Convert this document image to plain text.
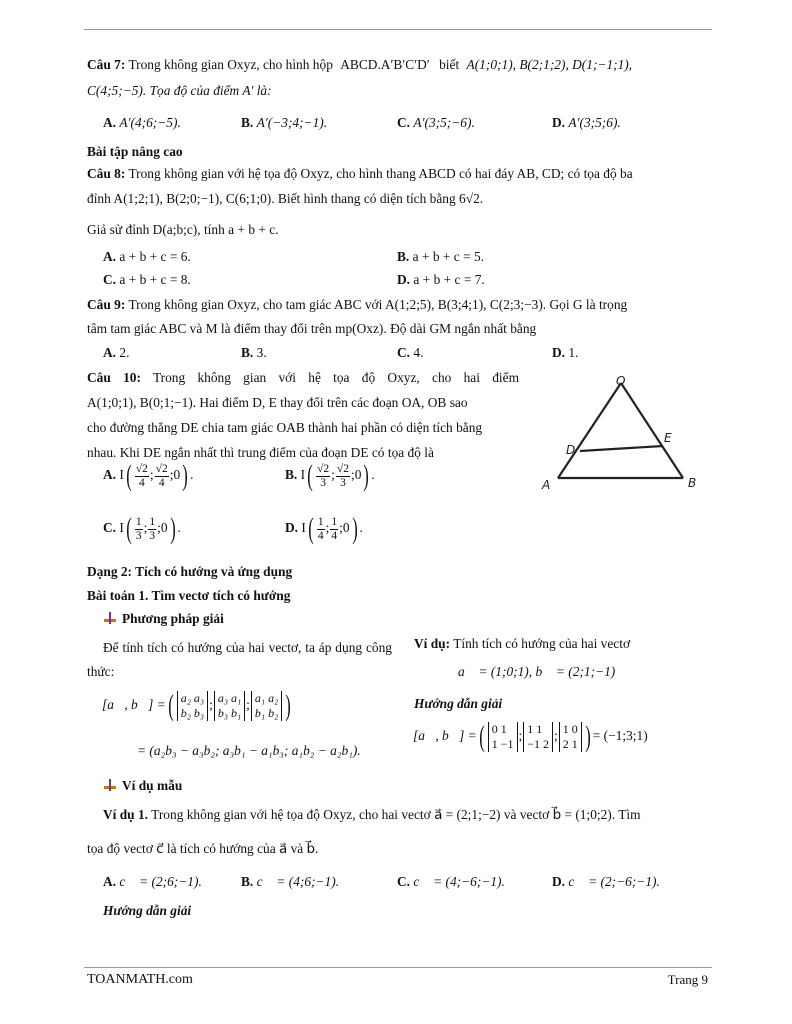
Câu 7: Trong không gian Oxyz, cho hình hộp ABCD.A′B′C′D′ biết A(1;0;1), B(2;1;2), D(1;−1;1),
C(4;5;−5). Tọa độ của điểm A' là:
A. A′(4;6;−5).	B. A′(−3;4;−1).	C. A′(3;5;−6).	D. A′(3;5;6).
Bài tập nâng cao
Câu 8: Trong không gian với hệ tọa độ Oxyz, cho hình thang ABCD có hai đáy AB, CD; có tọa độ ba
đỉnh A(1;2;1), B(2;0;−1), C(6;1;0). Biết hình thang có diện tích bằng 6√2.
Giả sử đỉnh D(a;b;c), tính a + b + c.
A. a + b + c = 6.	B. a + b + c = 5.
C. a + b + c = 8.	D. a + b + c = 7.
Câu 9: Trong không gian Oxyz, cho tam giác ABC với A(1;2;5), B(3;4;1), C(2;3;−3). Gọi G là trọng
tâm tam giác ABC và M là điểm thay đổi trên mp(Oxz). Độ dài GM ngắn nhất bằng
A. 2.	B. 3.	C. 4.	D. 1.
Câu 10: Trong không gian với hệ tọa độ Oxyz, cho hai điểm
A(1;0;1), B(0;1;−1). Hai điểm D, E thay đổi trên các đoạn OA, OB sao
cho đường thẳng DE chia tam giác OAB thành hai phần có diện tích bằng
nhau. Khi DE ngắn nhất thì trung điểm của đoạn DE có tọa độ là
A. $I( \frac{√2}{4}$ ; $\frac{√2}{4}$ ;0) .	B. $I( \frac{√2}{3}$ ; $\frac{√2}{3}$ ;0) .
C. $I( \frac{1}{3}$ ; $\frac{1}{3}$ ;0) .	D. $I( \frac{1}{4}$ ; $\frac{1}{4}$ ;0) .
O
D
E
A	B
Dạng 2: Tích có hướng và ứng dụng
Bài toán 1. Tìm vectơ tích có hướng
Phương pháp giải
Để tính tích có hướng của hai vectơ, ta áp dụng công thức:
[a⃗, b⃗] =( a₂ a₃
b₂ b₃
; a₃ a₁
b₃ b₁
; a₁ a₂
b₁ b₂ )
= (a₂b₃ − a₃b₂; a₃b₁ − a₁b₃; a₁b₂ − a₂b₁).
Ví dụ: Tính tích có hướng của hai vectơ
a⃗ = (1;0;1), b⃗ = (2;1;−1)
Hướng dẫn giải
[a⃗, b⃗] =( 0 1
1 −1
; 1 1
−1 2
; 1 0
2 1 ) = (−1;3;1)
Ví dụ mẫu
Ví dụ 1. Trong không gian với hệ tọa độ Oxyz, cho hai vectơ a⃗ = (2;1;−2) và vectơ b⃗ = (1;0;2). Tìm
tọa độ vectơ c⃗ là tích có hướng của a⃗ và b⃗.
A. c⃗ = (2;6;−1).	B. c⃗ = (4;6;−1).	C. c⃗ = (4;−6;−1).	D. c⃗ = (2;−6;−1).
Hướng dẫn giải
TOANMATH.com	Trang 9
